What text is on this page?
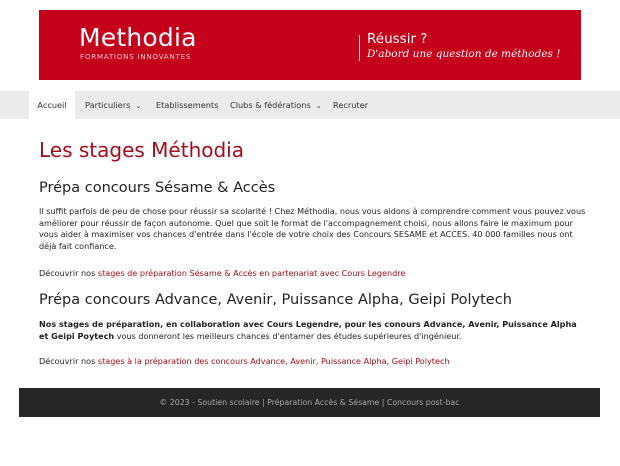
Methodia
FORMATIONS INNOVANTES
Réussir ?
D'abord une question de méthodes !
Accueil	Particuliers ⌄ Etablissements Clubs & fédérations ⌄ Recruter
Les stages Méthodia
Prépa concours Sésame & Accès
Il suffit parfois de peu de chose pour réussir sa scolarité ! Chez Méthodia, nous vous aidons à comprendre comment vous pouvez vous améliorer pour réussir de façon autonome. Quel que soit le format de l'accompagnement choisi, nous allons faire le maximum pour vous aider à maximiser vos chances d'entrée dans l'école de votre choix des Concours SESAME et ACCES. 40 000 familles nous ont déjà fait confiance.
Découvrir nos stages de préparation Sésame & Accès en partenariat avec Cours Legendre
Prépa concours Advance, Avenir, Puissance Alpha, Geipi Polytech
Nos stages de préparation, en collaboration avec Cours Legendre, pour les conours Advance, Avenir, Puissance Alpha et Geipi Poytech vous donneront les meilleurs chances d'entamer des études supérieures d'ingénieur.
Découvrir nos stages à la préparation des concours Advance, Avenir, Puissance Alpha, Geipi Polytech
© 2023 - Soutien scolaire | Préparation Accès & Sésame | Concours post-bac
